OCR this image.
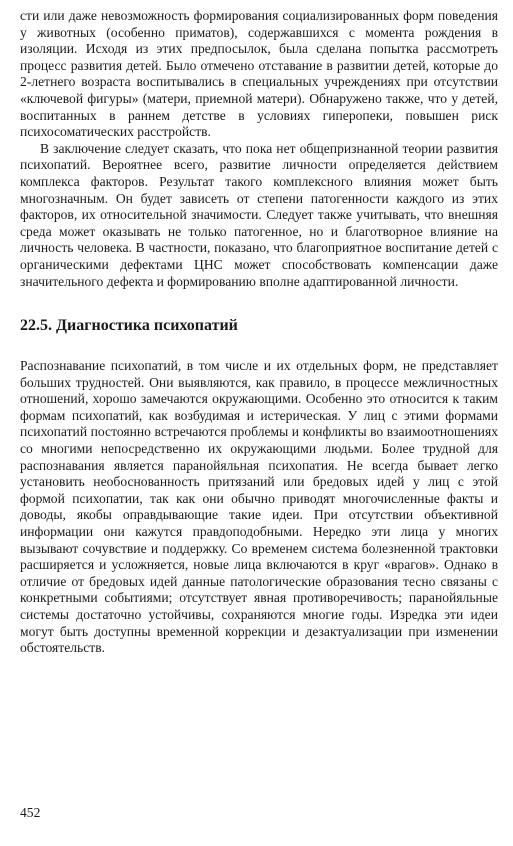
сти или даже невозможность формирования социализированных форм поведения у животных (особенно приматов), содержавшихся с момента рождения в изоляции. Исходя из этих предпосылок, была сделана попытка рассмотреть процесс развития детей. Было отмечено отставание в развитии детей, которые до 2-летнего возраста воспитывались в специальных учреждениях при отсутствии «ключевой фигуры» (матери, приемной матери). Обнаружено также, что у детей, воспитанных в раннем детстве в условиях гиперопеки, повышен риск психосоматических расстройств.

В заключение следует сказать, что пока нет общепризнанной теории развития психопатий. Вероятнее всего, развитие личности определяется действием комплекса факторов. Результат такого комплексного влияния может быть многозначным. Он будет зависеть от степени патогенности каждого из этих факторов, их относительной значимости. Следует также учитывать, что внешняя среда может оказывать не только патогенное, но и благотворное влияние на личность человека. В частности, показано, что благоприятное воспитание детей с органическими дефектами ЦНС может способствовать компенсации даже значительного дефекта и формированию вполне адаптированной личности.

22.5. Диагностика психопатий

Распознавание психопатий, в том числе и их отдельных форм, не представляет больших трудностей. Они выявляются, как правило, в процессе межличностных отношений, хорошо замечаются окружающими. Особенно это относится к таким формам психопатий, как возбудимая и истерическая. У лиц с этими формами психопатий постоянно встречаются проблемы и конфликты во взаимоотношениях со многими непосредственно их окружающими людьми. Более трудной для распознавания является паранойяльная психопатия. Не всегда бывает легко установить необоснованность притязаний или бредовых идей у лиц с этой формой психопатии, так как они обычно приводят многочисленные факты и доводы, якобы оправдывающие такие идеи. При отсутствии объективной информации они кажутся правдоподобными. Нередко эти лица у многих вызывают сочувствие и поддержку. Со временем система болезненной трактовки расширяется и усложняется, новые лица включаются в круг «врагов». Однако в отличие от бредовых идей данные патологические образования тесно связаны с конкретными событиями; отсутствует явная противоречивость; паранойяльные системы достаточно устойчивы, сохраняются многие годы. Изредка эти идеи могут быть доступны временной коррекции и дезактуализации при изменении обстоятельств.

452
